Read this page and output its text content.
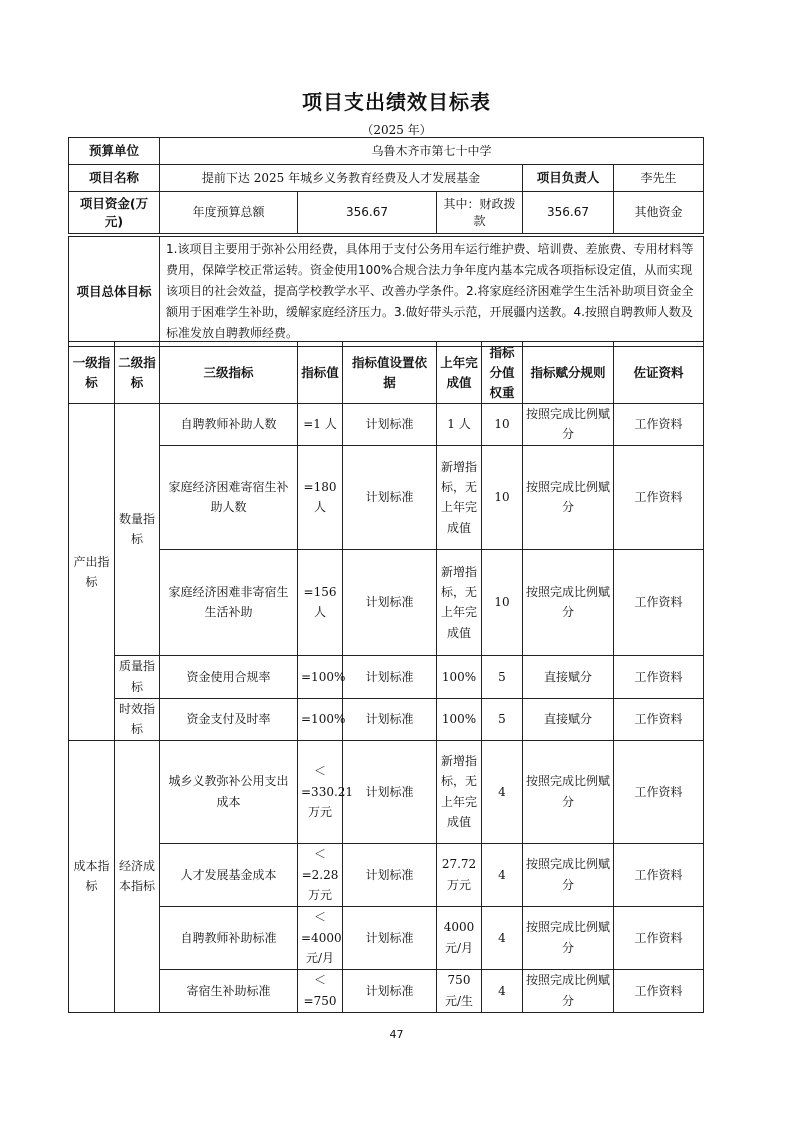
项目支出绩效目标表
（2025 年）
预算单位	乌鲁木齐市第七十中学				
项目名称	提前下达 2025 年城乡义务教育经费及人才发展基金			项目负责人	李先生
项目资金(万元)	年度预算总额	356.67	其中：财政拨款	356.67	其他资金
项目总体目标	1.该项目主要用于弥补公用经费，具体用于支付公务用车运行维护费、培训费、差旅费、专用材料等费用，保障学校正常运转。资金使用100%合规合法力争年度内基本完成各项指标设定值，从而实现该项目的社会效益，提高学校教学水平、改善办学条件。2.将家庭经济困难学生生活补助项目资金全额用于困难学生补助，缓解家庭经济压力。3.做好带头示范，开展疆内送教。4.按照自聘教师人数及标准发放自聘教师经费。
一级指标	二级指标	三级指标	指标值	指标值设置依据	上年完成值	指标分值权重	指标赋分规则	佐证资料
产出指标	数量指标	自聘教师补助人数	=1 人	计划标准	1 人	10	按照完成比例赋分	工作资料
		家庭经济困难寄宿生补助人数	=180 人	计划标准	新增指标，无上年完成值	10	按照完成比例赋分	工作资料
		家庭经济困难非寄宿生生活补助	=156 人	计划标准	新增指标，无上年完成值	10	按照完成比例赋分	工作资料
	质量指标	资金使用合规率	=100%	计划标准	100%	5	直接赋分	工作资料
	时效指标	资金支付及时率	=100%	计划标准	100%	5	直接赋分	工作资料
成本指标	经济成本指标	城乡义教弥补公用支出成本	＜=330.21万元	计划标准	新增指标，无上年完成值	4	按照完成比例赋分	工作资料
		人才发展基金成本	＜=2.28万元	计划标准	27.72万元	4	按照完成比例赋分	工作资料
		自聘教师补助标准	＜=4000元/月	计划标准	4000元/月	4	按照完成比例赋分	工作资料
		寄宿生补助标准	＜=750	计划标准	750 元/生	4	按照完成比例赋分	工作资料
47
